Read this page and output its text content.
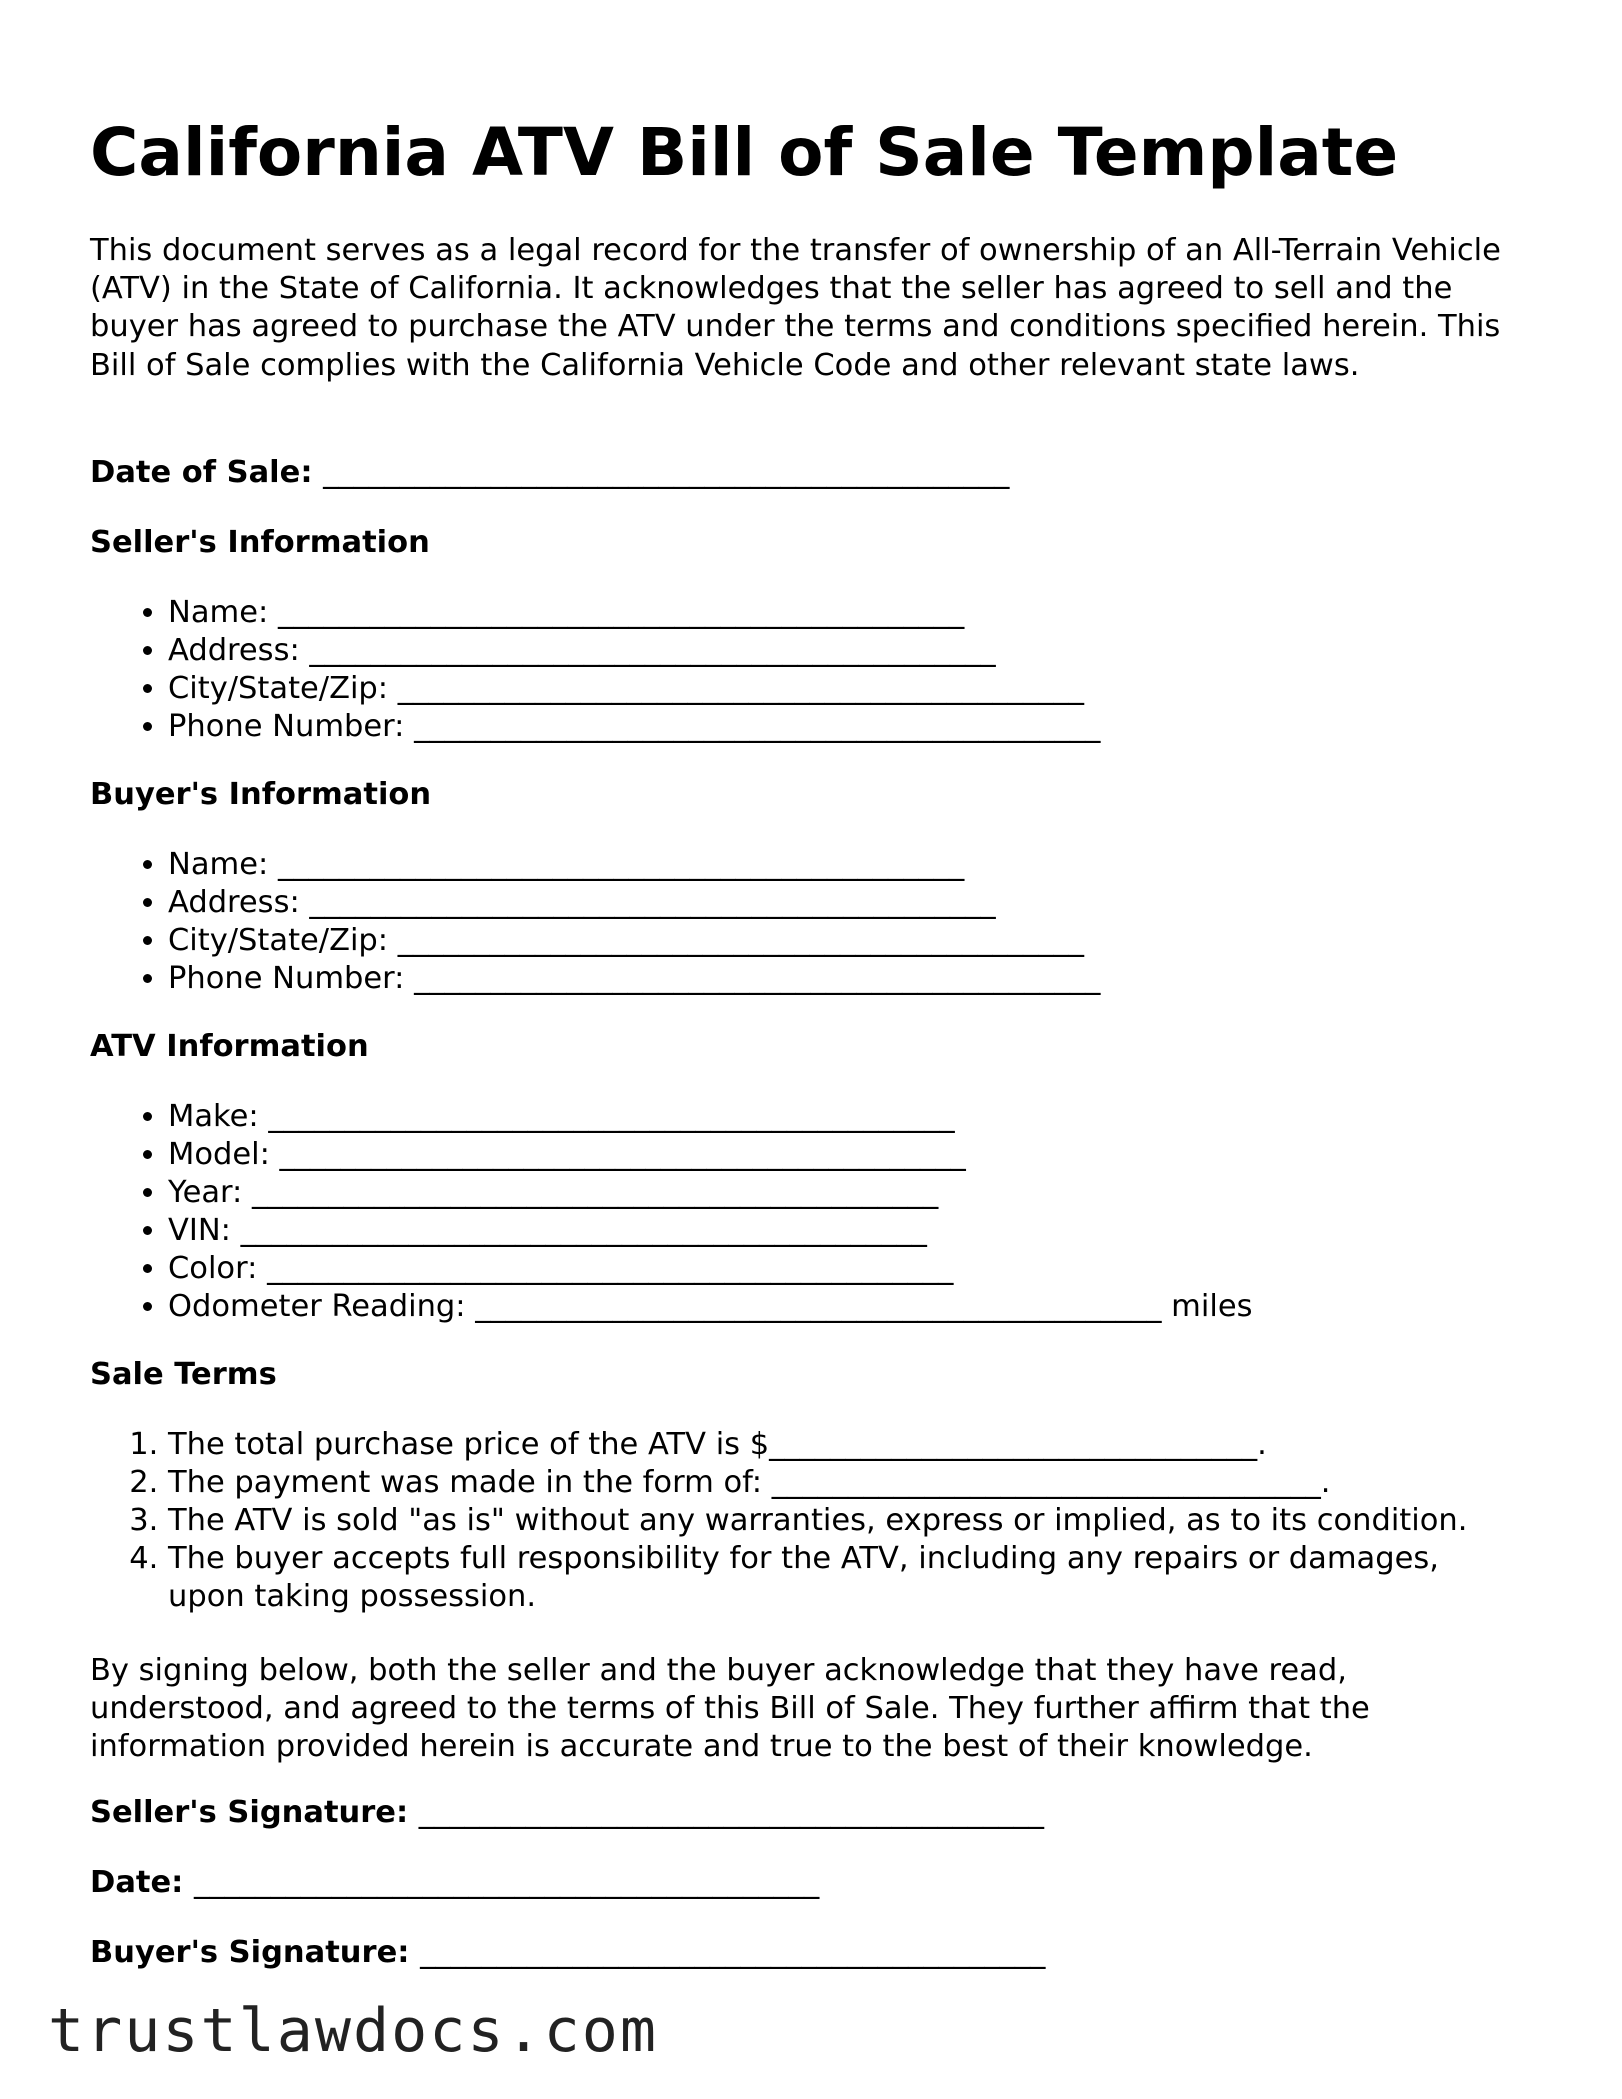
California ATV Bill of Sale Template

This document serves as a legal record for the transfer of ownership of an All-Terrain Vehicle (ATV) in the State of California. It acknowledges that the seller has agreed to sell and the buyer has agreed to purchase the ATV under the terms and conditions specified herein. This Bill of Sale complies with the California Vehicle Code and other relevant state laws.

Date of Sale: _____________________________________________

Seller's Information

• Name: _____________________________________________
• Address: _____________________________________________
• City/State/Zip: _____________________________________________
• Phone Number: _____________________________________________

Buyer's Information

• Name: _____________________________________________
• Address: _____________________________________________
• City/State/Zip: _____________________________________________
• Phone Number: _____________________________________________

ATV Information

• Make: _____________________________________________
• Model: _____________________________________________
• Year: _____________________________________________
• VIN: _____________________________________________
• Color: _____________________________________________
• Odometer Reading: _____________________________________________ miles

Sale Terms

1. The total purchase price of the ATV is $________________________________.
2. The payment was made in the form of: ____________________________________.
3. The ATV is sold "as is" without any warranties, express or implied, as to its condition.
4. The buyer accepts full responsibility for the ATV, including any repairs or damages, upon taking possession.

By signing below, both the seller and the buyer acknowledge that they have read, understood, and agreed to the terms of this Bill of Sale. They further affirm that the information provided herein is accurate and true to the best of their knowledge.

Seller's Signature: _________________________________________

Date: _________________________________________

Buyer's Signature: _________________________________________

trustlawdocs.com
